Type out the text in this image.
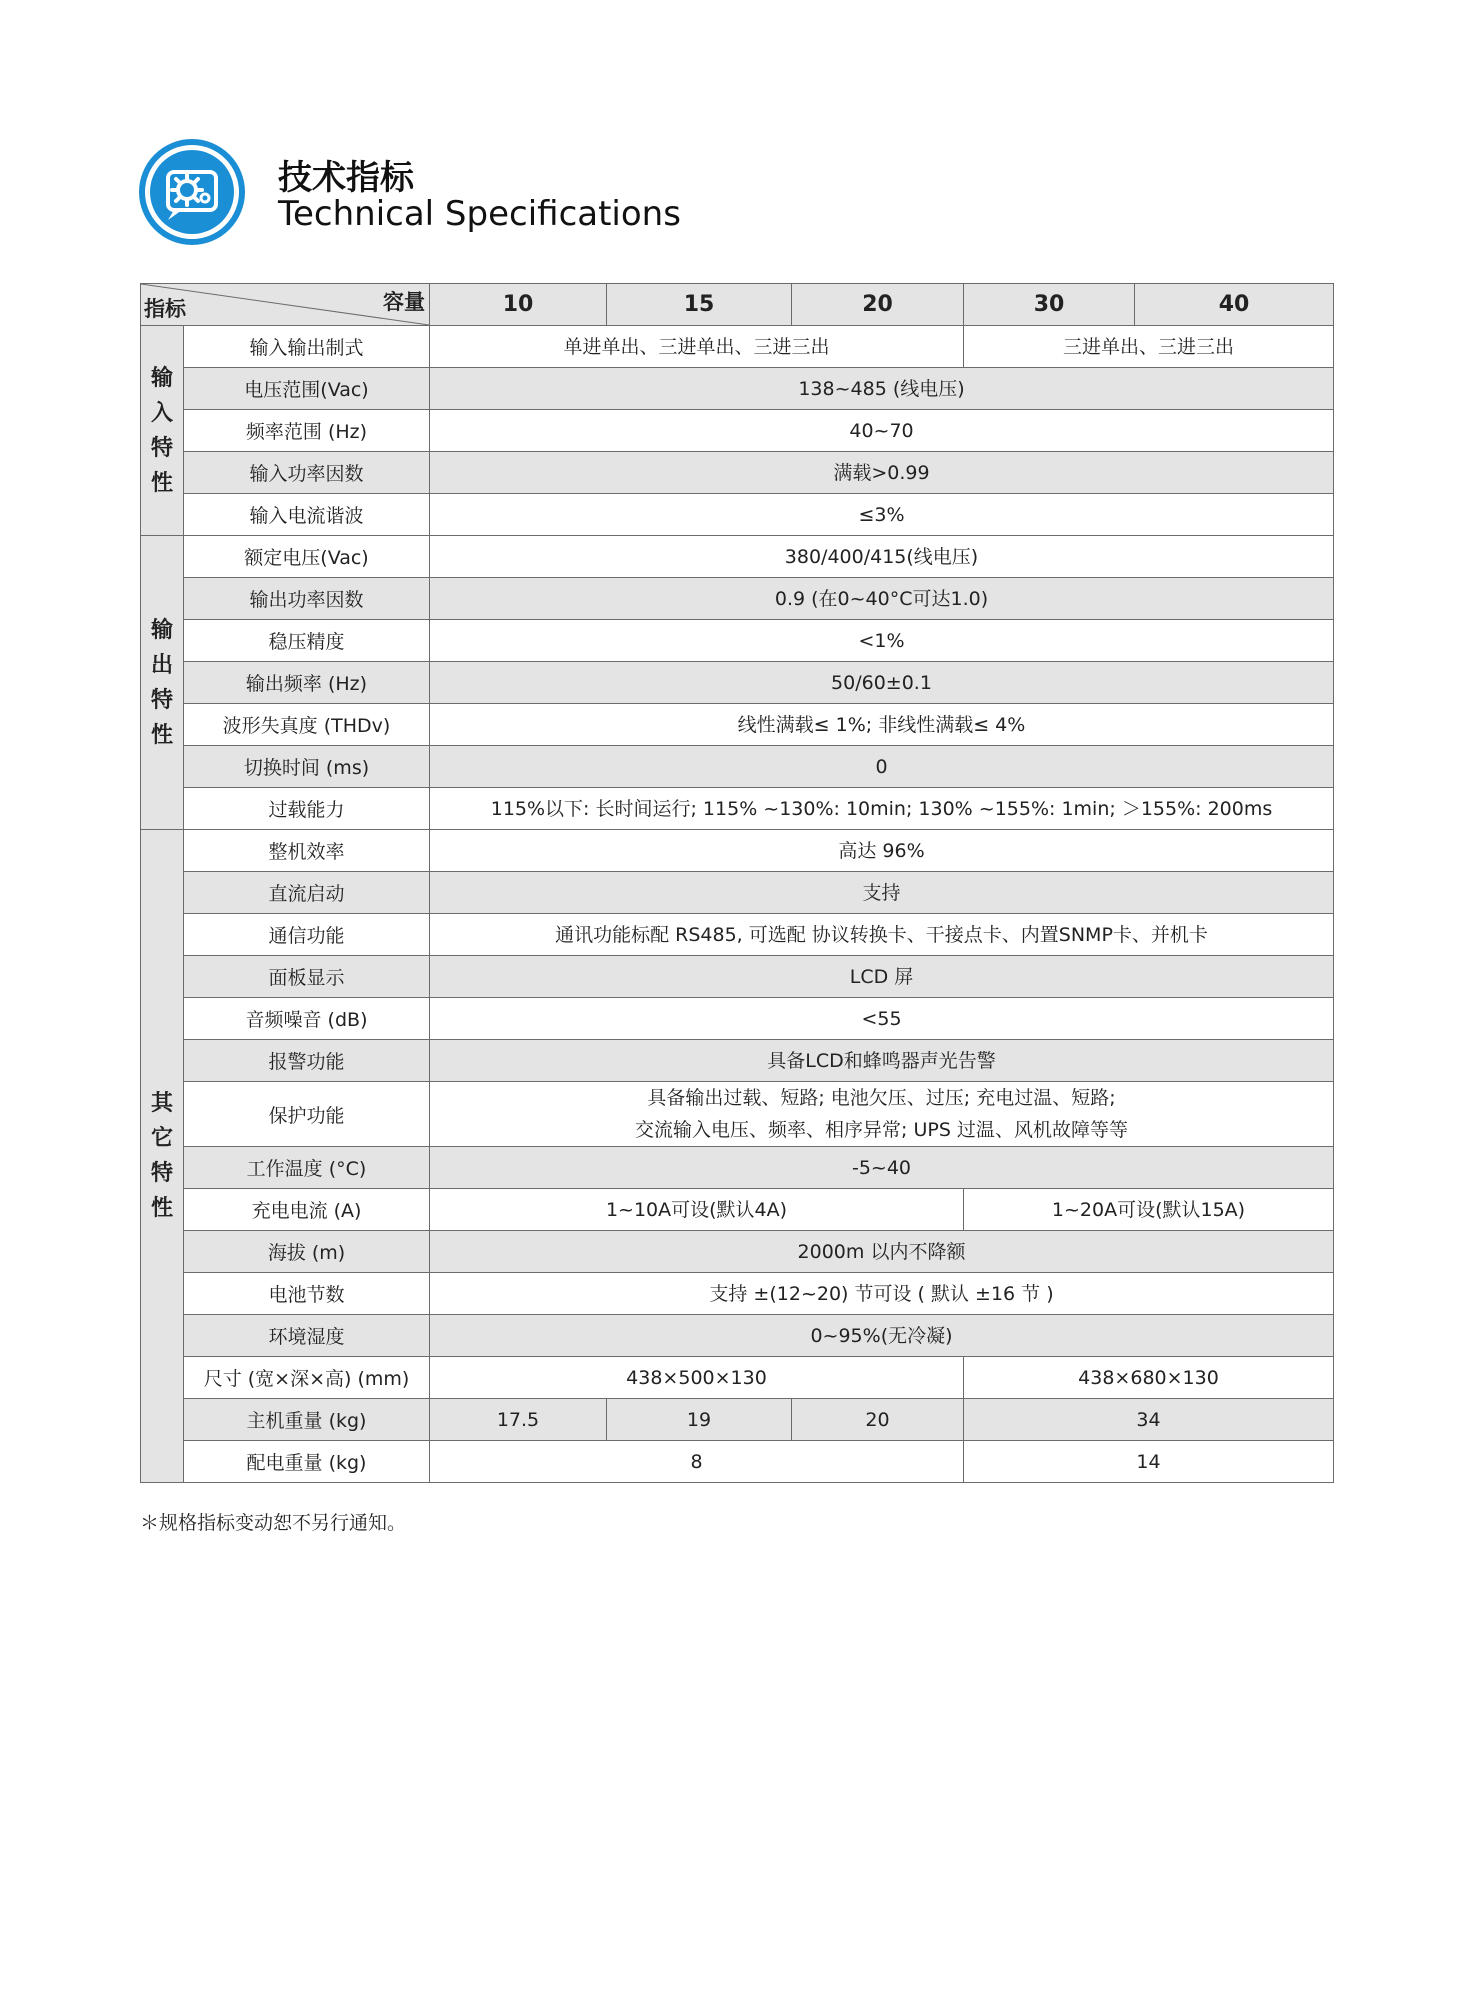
技术指标
Technical Specifications
容量
指标		10	15	20	30	40

输
入
特
性	输入输出制式	单进单出、三进单出、三进三出			三进单出、三进三出	
	电压范围(Vac)	138~485 (线电压)				
	频率范围 (Hz)	40~70				
	输入功率因数	满载>0.99				
	输入电流谐波	≤3%				

输
出
特
性	额定电压(Vac)	380/400/415(线电压)				
	输出功率因数	0.9 (在0~40°C可达1.0)				
	稳压精度	<1%				
	输出频率 (Hz)	50/60±0.1				
	波形失真度 (THDv)	线性满载≤ 1%; 非线性满载≤ 4%				
	切换时间 (ms)	0				
	过载能力	115%以下: 长时间运行; 115% ~130%: 10min; 130% ~155%: 1min; ＞155%: 200ms				

其
它
特
性	整机效率	高达 96%				
	直流启动	支持				
	通信功能	通讯功能标配 RS485, 可选配 协议转换卡、干接点卡、内置SNMP卡、并机卡				
	面板显示	LCD 屏				
	音频噪音 (dB)	<55				
	报警功能	具备LCD和蜂鸣器声光告警				
	保护功能	具备输出过载、短路; 电池欠压、过压; 充电过温、短路;
交流输入电压、频率、相序异常; UPS 过温、风机故障等等				

	工作温度 (°C)	-5~40				
	充电电流 (A)	1~10A可设(默认4A)			1~20A可设(默认15A)	
	海拔 (m)	2000m 以内不降额				
	电池节数	支持 ±(12~20) 节可设 ( 默认 ±16 节 )				
	环境湿度	0~95%(无冷凝)				
	尺寸 (宽×深×高) (mm)	438×500×130			438×680×130	
	主机重量 (kg)	17.5	19	20	34	
	配电重量 (kg)	8			14	
＊规格指标变动恕不另行通知。
